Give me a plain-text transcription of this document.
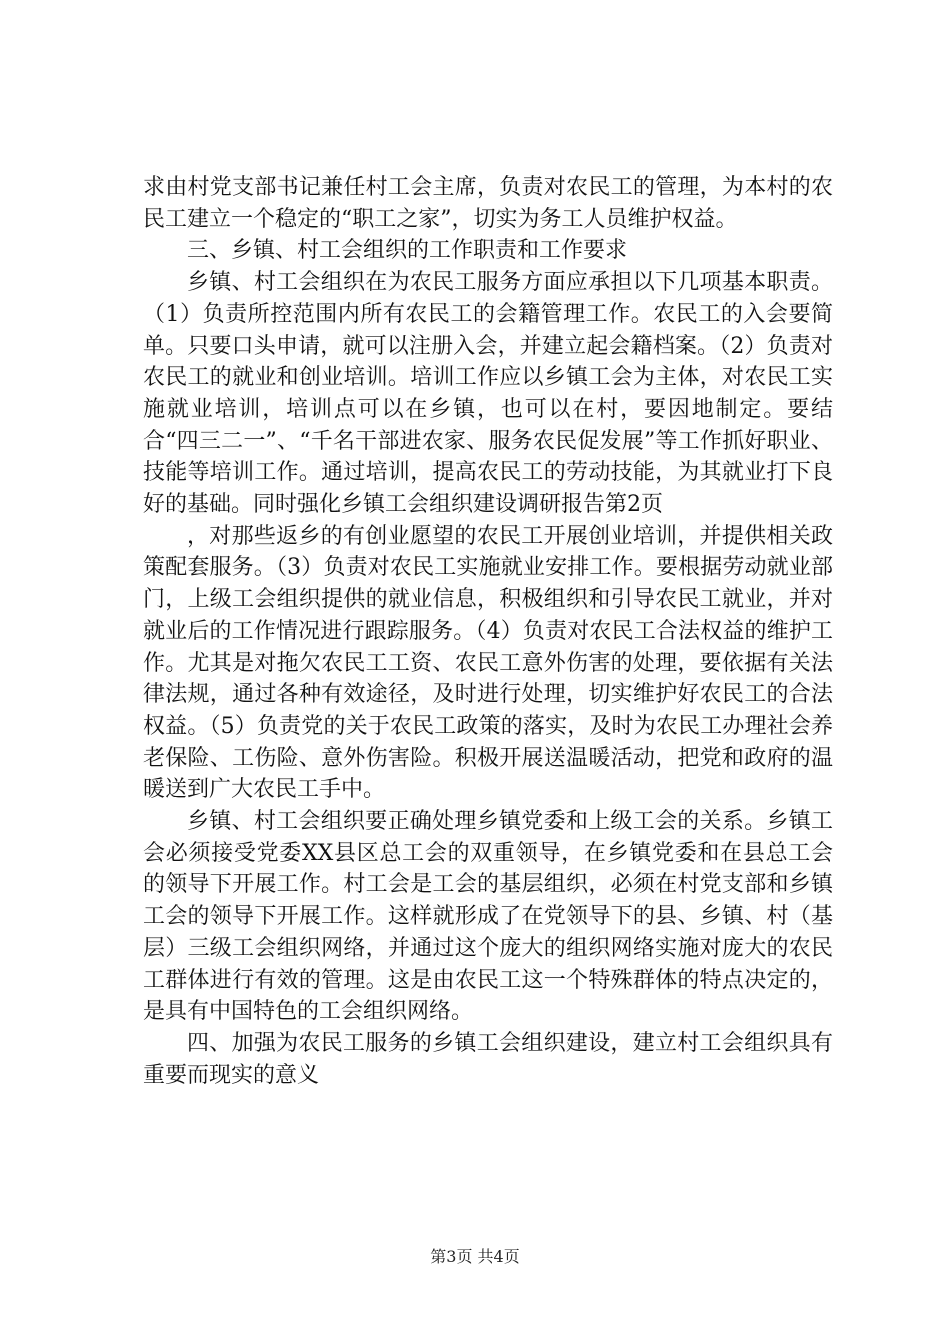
求由村党支部书记兼任村工会主席，负责对农民工的管理，为本村的农民工建立一个稳定的“职工之家”，切实为务工人员维护权益。

三、乡镇、村工会组织的工作职责和工作要求

乡镇、村工会组织在为农民工服务方面应承担以下几项基本职责。（1）负责所控范围内所有农民工的会籍管理工作。农民工的入会要简单。只要口头申请，就可以注册入会，并建立起会籍档案。（2）负责对农民工的就业和创业培训。培训工作应以乡镇工会为主体，对农民工实施就业培训，培训点可以在乡镇，也可以在村，要因地制定。要结合“四三二一”、“千名干部进农家、服务农民促发展”等工作抓好职业、技能等培训工作。通过培训，提高农民工的劳动技能，为其就业打下良好的基础。同时强化乡镇工会组织建设调研报告第2页

，对那些返乡的有创业愿望的农民工开展创业培训，并提供相关政策配套服务。（3）负责对农民工实施就业安排工作。要根据劳动就业部门，上级工会组织提供的就业信息，积极组织和引导农民工就业，并对就业后的工作情况进行跟踪服务。（4）负责对农民工合法权益的维护工作。尤其是对拖欠农民工工资、农民工意外伤害的处理，要依据有关法律法规，通过各种有效途径，及时进行处理，切实维护好农民工的合法权益。（5）负责党的关于农民工政策的落实，及时为农民工办理社会养老保险、工伤险、意外伤害险。积极开展送温暖活动，把党和政府的温暖送到广大农民工手中。

乡镇、村工会组织要正确处理乡镇党委和上级工会的关系。乡镇工会必须接受党委XX县区总工会的双重领导，在乡镇党委和在县总工会的领导下开展工作。村工会是工会的基层组织，必须在村党支部和乡镇工会的领导下开展工作。这样就形成了在党领导下的县、乡镇、村（基层）三级工会组织网络，并通过这个庞大的组织网络实施对庞大的农民工群体进行有效的管理。这是由农民工这一个特殊群体的特点决定的，是具有中国特色的工会组织网络。

四、加强为农民工服务的乡镇工会组织建设，建立村工会组织具有重要而现实的意义

第3页 共4页
